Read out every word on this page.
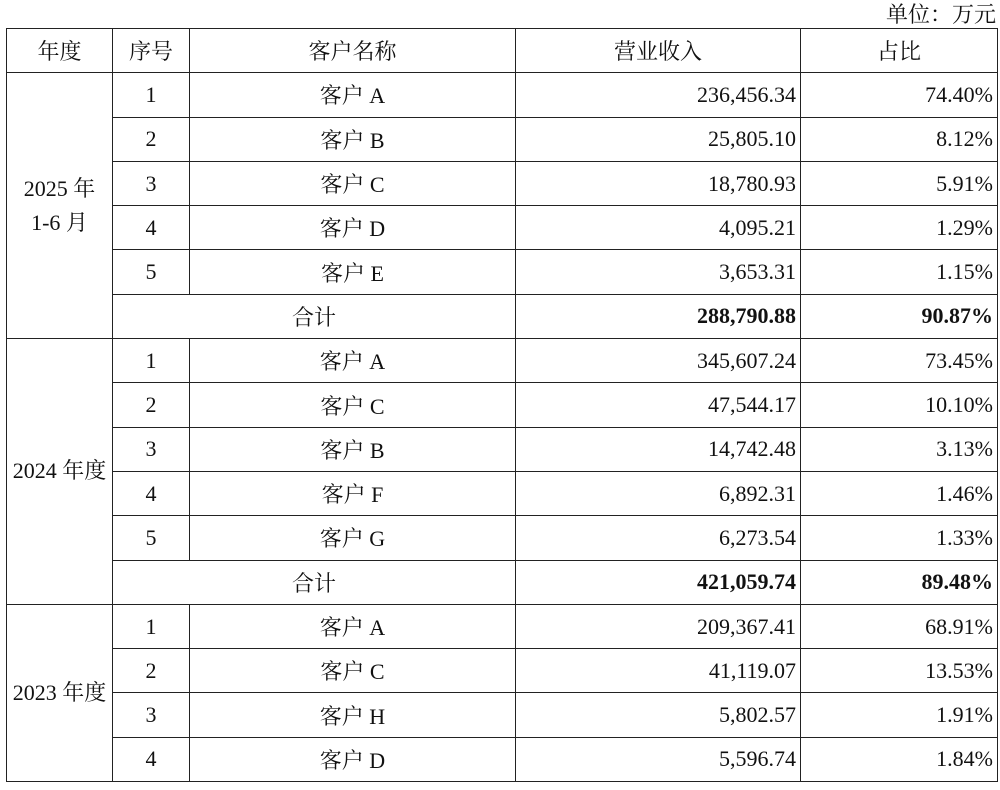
单位：万元
年度	序号	客户名称	营业收入	占比

2025 年
1-6 月	1	客户 A	236,456.34	74.40%
	2	客户 B	25,805.10	8.12%
	3	客户 C	18,780.93	5.91%
	4	客户 D	4,095.21	1.29%
	5	客户 E	3,653.31	1.15%
	合计		288,790.88	90.87%

2024 年度	1	客户 A	345,607.24	73.45%
	2	客户 C	47,544.17	10.10%
	3	客户 B	14,742.48	3.13%
	4	客户 F	6,892.31	1.46%
	5	客户 G	6,273.54	1.33%
	合计		421,059.74	89.48%

2023 年度	1	客户 A	209,367.41	68.91%
	2	客户 C	41,119.07	13.53%
	3	客户 H	5,802.57	1.91%
	4	客户 D	5,596.74	1.84%
